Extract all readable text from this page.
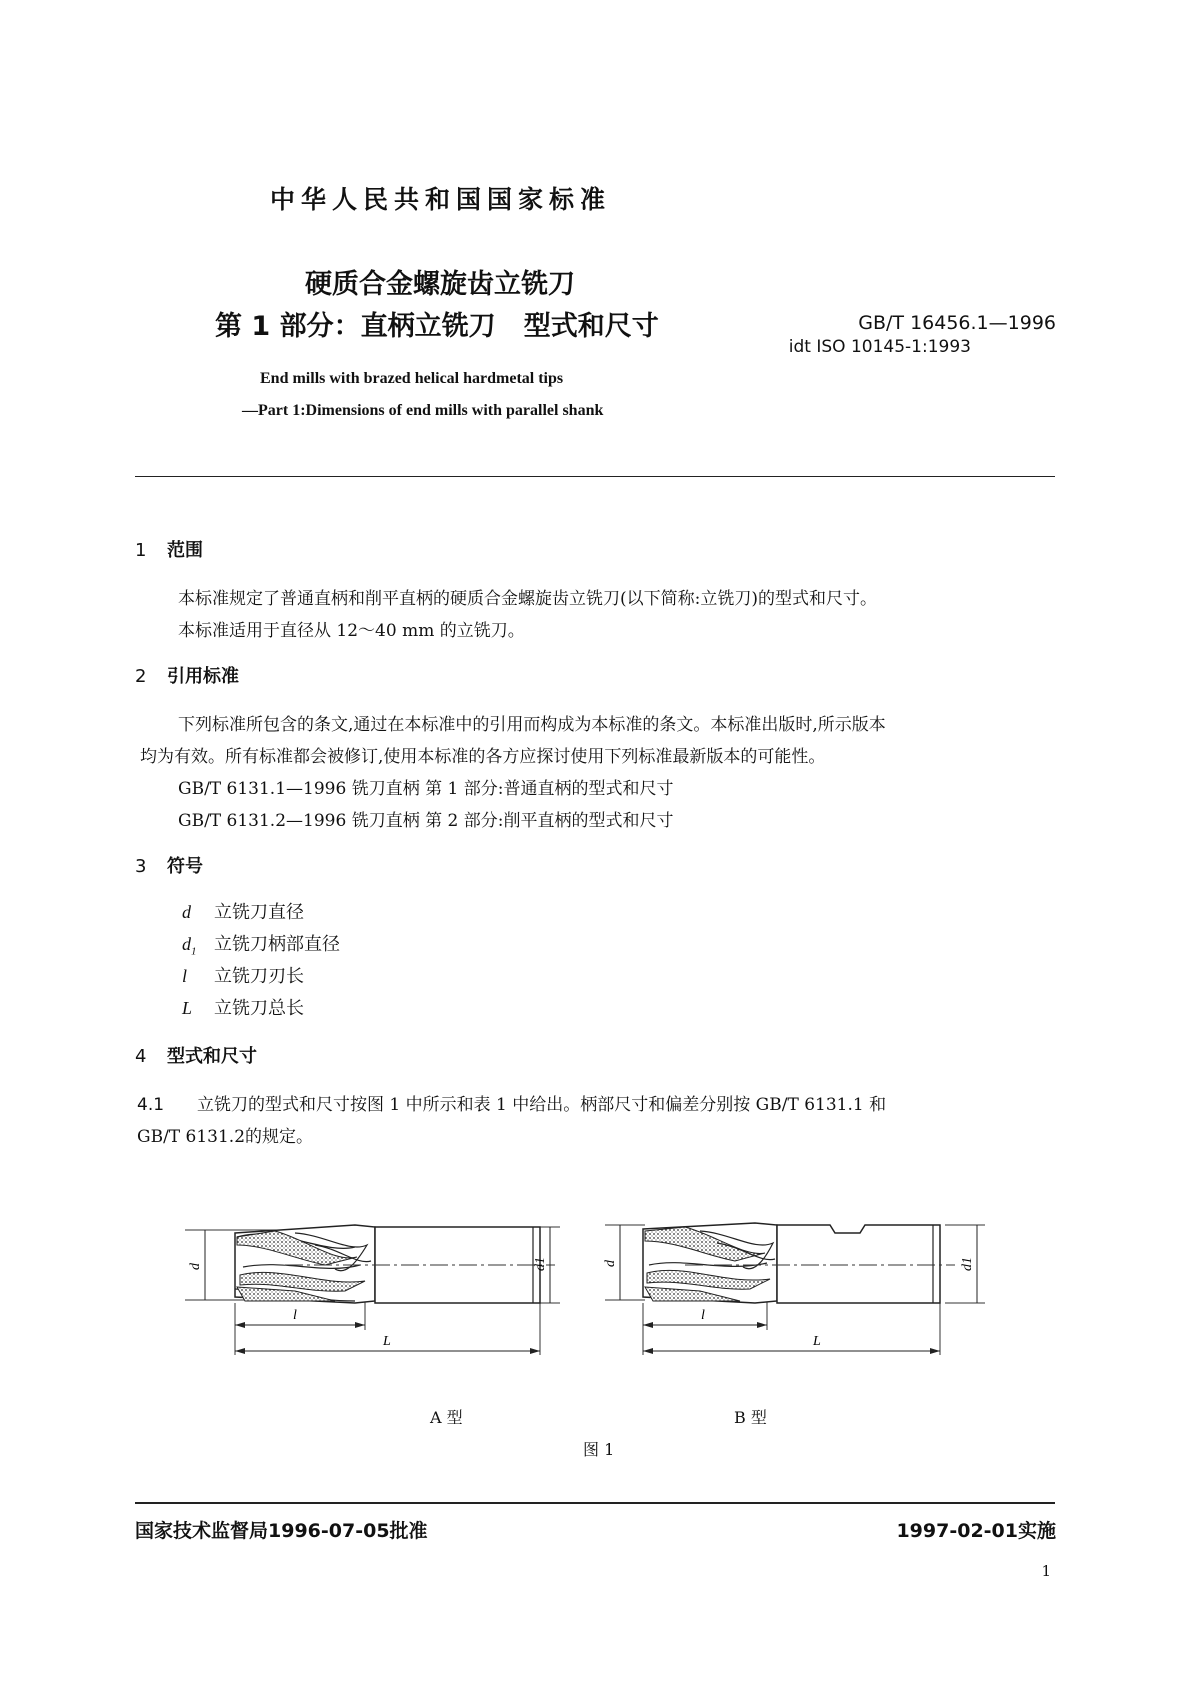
中华人民共和国国家标准
硬质合金螺旋齿立铣刀
第 1 部分：直柄立铣刀   型式和尺寸	GB/T 16456.1—1996
idt ISO 10145-1:1993
End mills with brazed helical hardmetal tips
—Part 1:Dimensions of end mills with parallel shank
1 范围
本标准规定了普通直柄和削平直柄的硬质合金螺旋齿立铣刀(以下简称:立铣刀)的型式和尺寸。
本标准适用于直径从 12～40 mm 的立铣刀。
2 引用标准
下列标准所包含的条文,通过在本标准中的引用而构成为本标准的条文。本标准出版时,所示版本
均为有效。所有标准都会被修订,使用本标准的各方应探讨使用下列标准最新版本的可能性。
GB/T 6131.1—1996 铣刀直柄 第 1 部分:普通直柄的型式和尺寸
GB/T 6131.2—1996 铣刀直柄 第 2 部分:削平直柄的型式和尺寸
3 符号
d 立铣刀直径
$d_1$ 立铣刀柄部直径
l 立铣刀刃长
L 立铣刀总长
4 型式和尺寸
4.1 立铣刀的型式和尺寸按图 1 中所示和表 1 中给出。柄部尺寸和偏差分别按 GB/T 6131.1 和
GB/T 6131.2的规定。
d	d1
l
L
d	d1
l
L
A 型	B 型
图 1
国家技术监督局1996-07-05批准	1997-02-01实施
1
